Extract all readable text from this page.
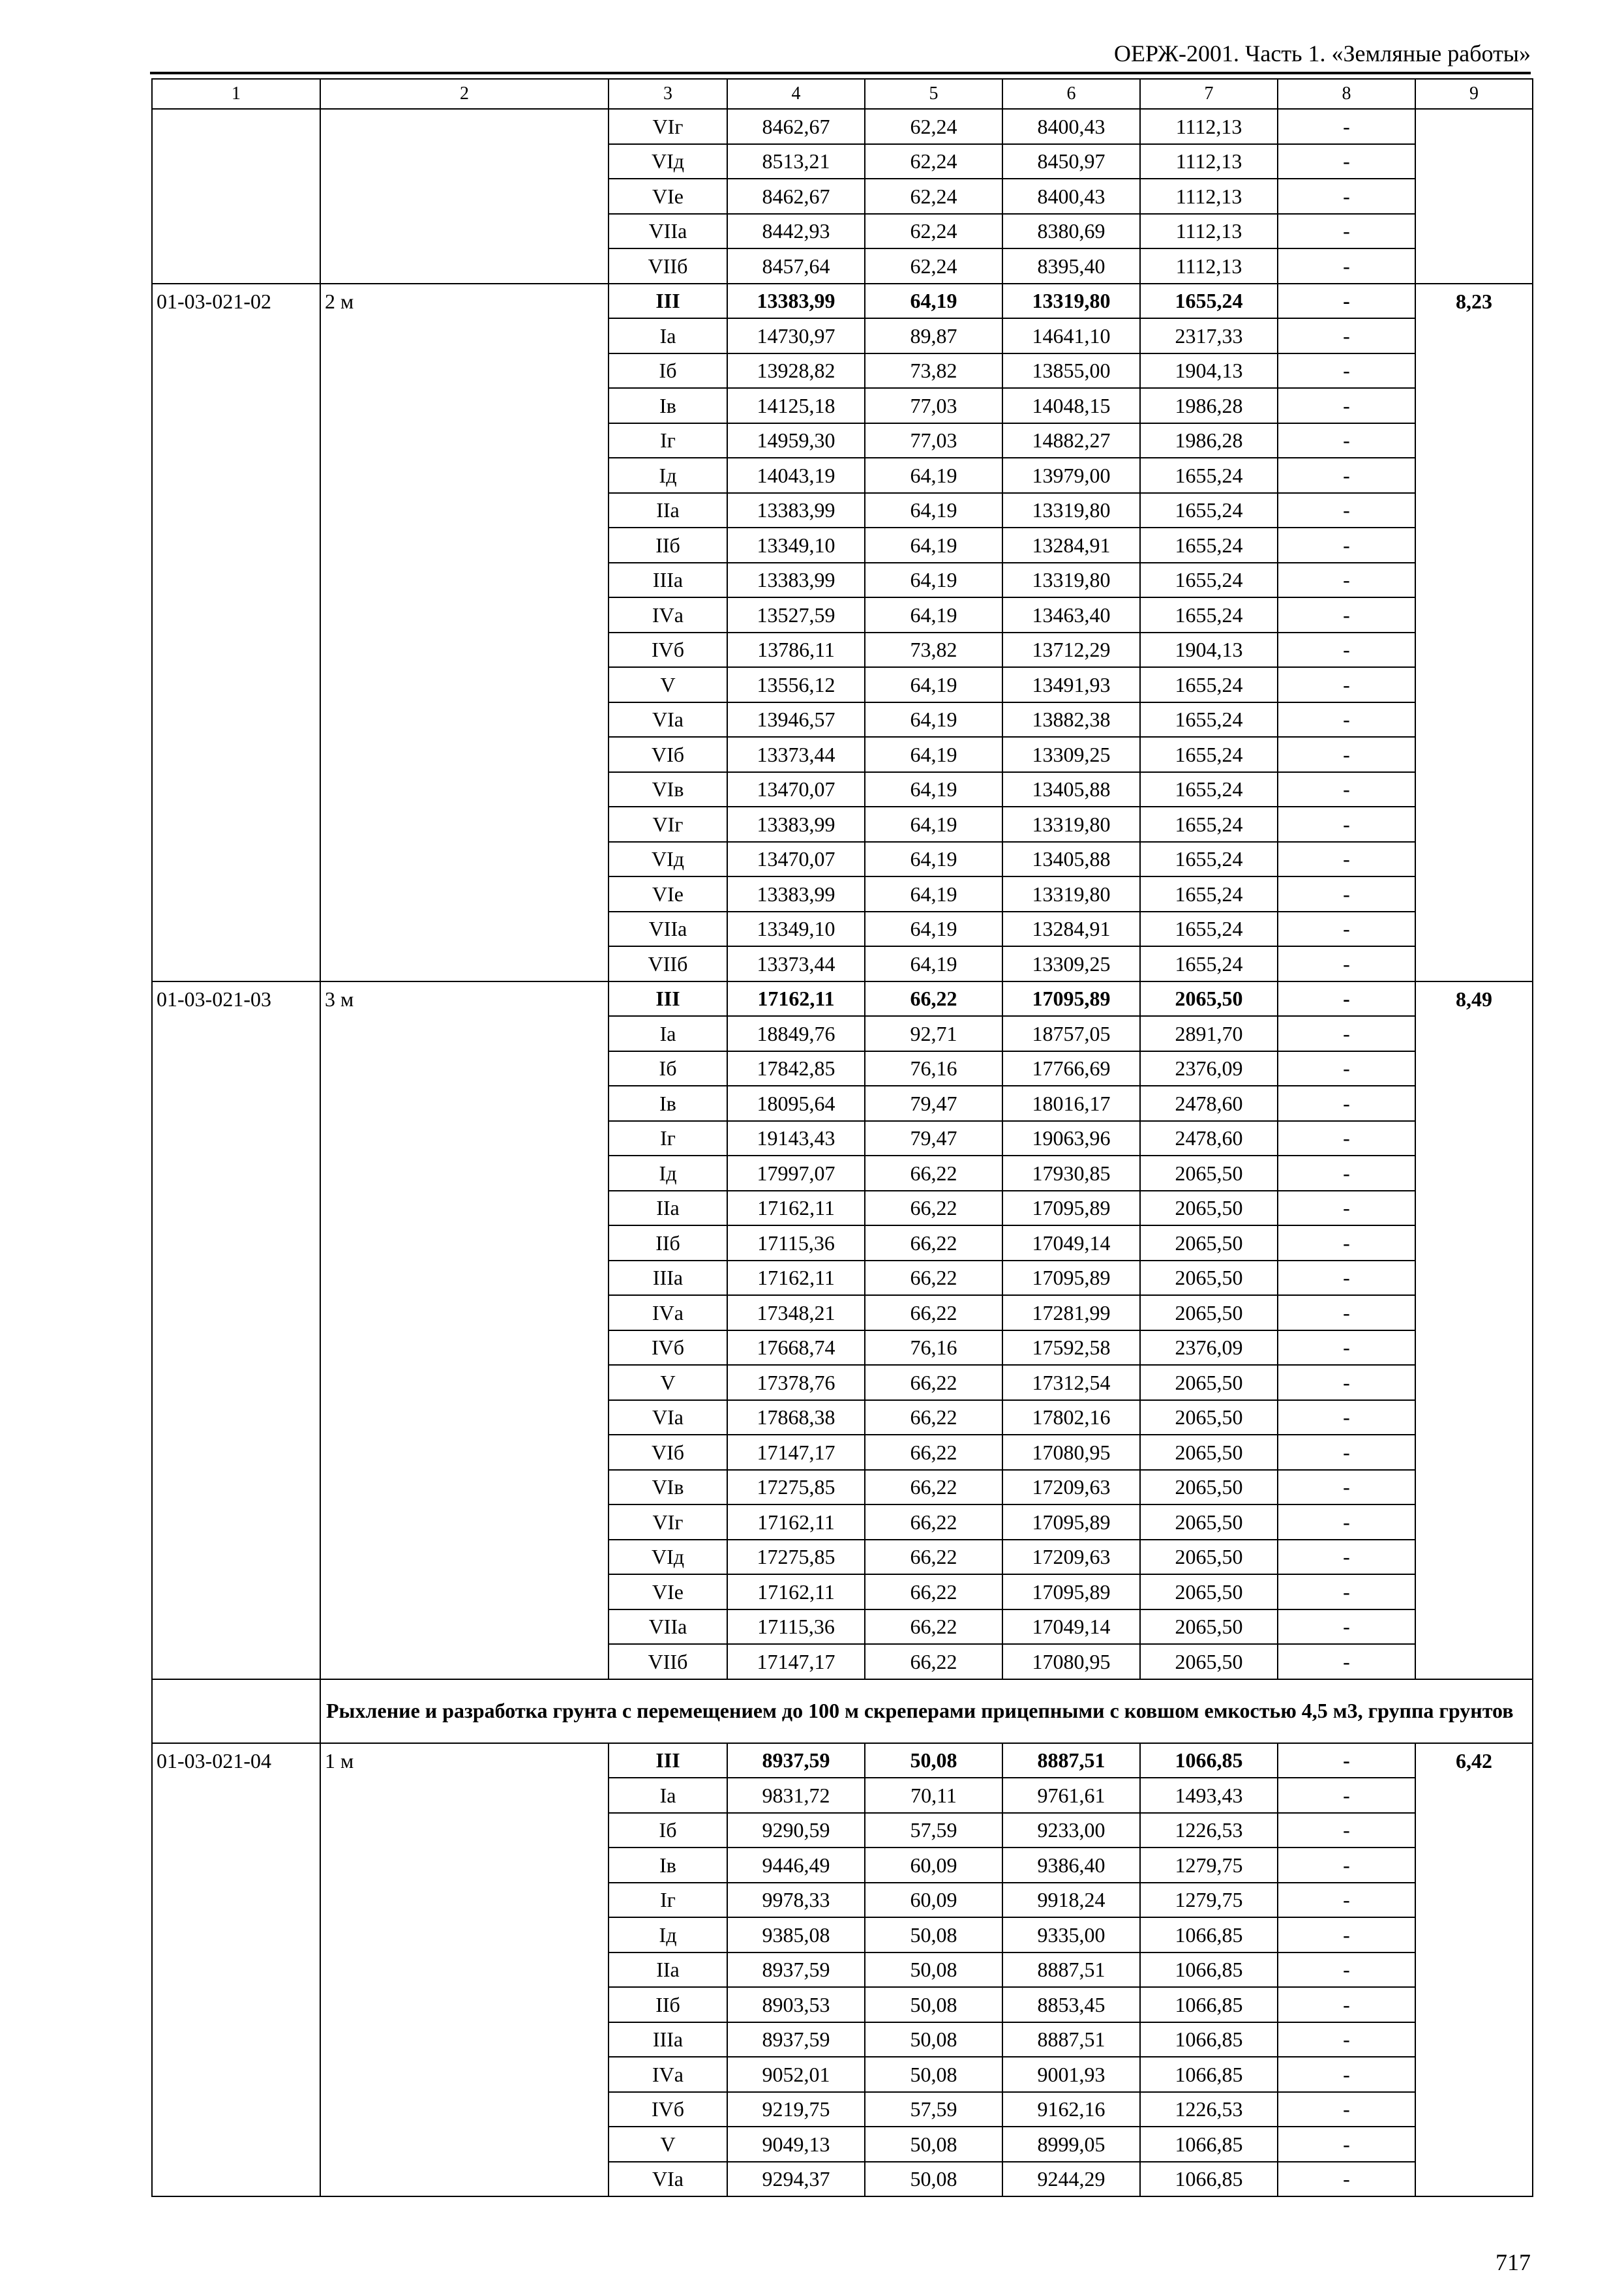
ОЕРЖ-2001. Часть 1. «Земляные работы»
1	2	3	4	5	6	7	8	9
		VIг	8462,67	62,24	8400,43	1112,13	-	
		VIд	8513,21	62,24	8450,97	1112,13	-	
		VIе	8462,67	62,24	8400,43	1112,13	-	
		VIIа	8442,93	62,24	8380,69	1112,13	-	
		VIIб	8457,64	62,24	8395,40	1112,13	-	
01-03-021-02	2 м	III	13383,99	64,19	13319,80	1655,24	-	8,23
		Iа	14730,97	89,87	14641,10	2317,33	-	
		Iб	13928,82	73,82	13855,00	1904,13	-	
		Iв	14125,18	77,03	14048,15	1986,28	-	
		Iг	14959,30	77,03	14882,27	1986,28	-	
		Iд	14043,19	64,19	13979,00	1655,24	-	
		IIа	13383,99	64,19	13319,80	1655,24	-	
		IIб	13349,10	64,19	13284,91	1655,24	-	
		IIIа	13383,99	64,19	13319,80	1655,24	-	
		IVа	13527,59	64,19	13463,40	1655,24	-	
		IVб	13786,11	73,82	13712,29	1904,13	-	
		V	13556,12	64,19	13491,93	1655,24	-	
		VIа	13946,57	64,19	13882,38	1655,24	-	
		VIб	13373,44	64,19	13309,25	1655,24	-	
		VIв	13470,07	64,19	13405,88	1655,24	-	
		VIг	13383,99	64,19	13319,80	1655,24	-	
		VIд	13470,07	64,19	13405,88	1655,24	-	
		VIе	13383,99	64,19	13319,80	1655,24	-	
		VIIа	13349,10	64,19	13284,91	1655,24	-	
		VIIб	13373,44	64,19	13309,25	1655,24	-	
01-03-021-03	3 м	III	17162,11	66,22	17095,89	2065,50	-	8,49
		Iа	18849,76	92,71	18757,05	2891,70	-	
		Iб	17842,85	76,16	17766,69	2376,09	-	
		Iв	18095,64	79,47	18016,17	2478,60	-	
		Iг	19143,43	79,47	19063,96	2478,60	-	
		Iд	17997,07	66,22	17930,85	2065,50	-	
		IIа	17162,11	66,22	17095,89	2065,50	-	
		IIб	17115,36	66,22	17049,14	2065,50	-	
		IIIа	17162,11	66,22	17095,89	2065,50	-	
		IVа	17348,21	66,22	17281,99	2065,50	-	
		IVб	17668,74	76,16	17592,58	2376,09	-	
		V	17378,76	66,22	17312,54	2065,50	-	
		VIа	17868,38	66,22	17802,16	2065,50	-	
		VIб	17147,17	66,22	17080,95	2065,50	-	
		VIв	17275,85	66,22	17209,63	2065,50	-	
		VIг	17162,11	66,22	17095,89	2065,50	-	
		VIд	17275,85	66,22	17209,63	2065,50	-	
		VIе	17162,11	66,22	17095,89	2065,50	-	
		VIIа	17115,36	66,22	17049,14	2065,50	-	
		VIIб	17147,17	66,22	17080,95	2065,50	-	
	Рыхление и разработка грунта с перемещением до 100 м скреперами прицепными с ковшом емкостью 4,5 м3, группа грунтов							
01-03-021-04	1 м	III	8937,59	50,08	8887,51	1066,85	-	6,42
		Iа	9831,72	70,11	9761,61	1493,43	-	
		Iб	9290,59	57,59	9233,00	1226,53	-	
		Iв	9446,49	60,09	9386,40	1279,75	-	
		Iг	9978,33	60,09	9918,24	1279,75	-	
		Iд	9385,08	50,08	9335,00	1066,85	-	
		IIа	8937,59	50,08	8887,51	1066,85	-	
		IIб	8903,53	50,08	8853,45	1066,85	-	
		IIIа	8937,59	50,08	8887,51	1066,85	-	
		IVа	9052,01	50,08	9001,93	1066,85	-	
		IVб	9219,75	57,59	9162,16	1226,53	-	
		V	9049,13	50,08	8999,05	1066,85	-	
		VIа	9294,37	50,08	9244,29	1066,85	-	
717
